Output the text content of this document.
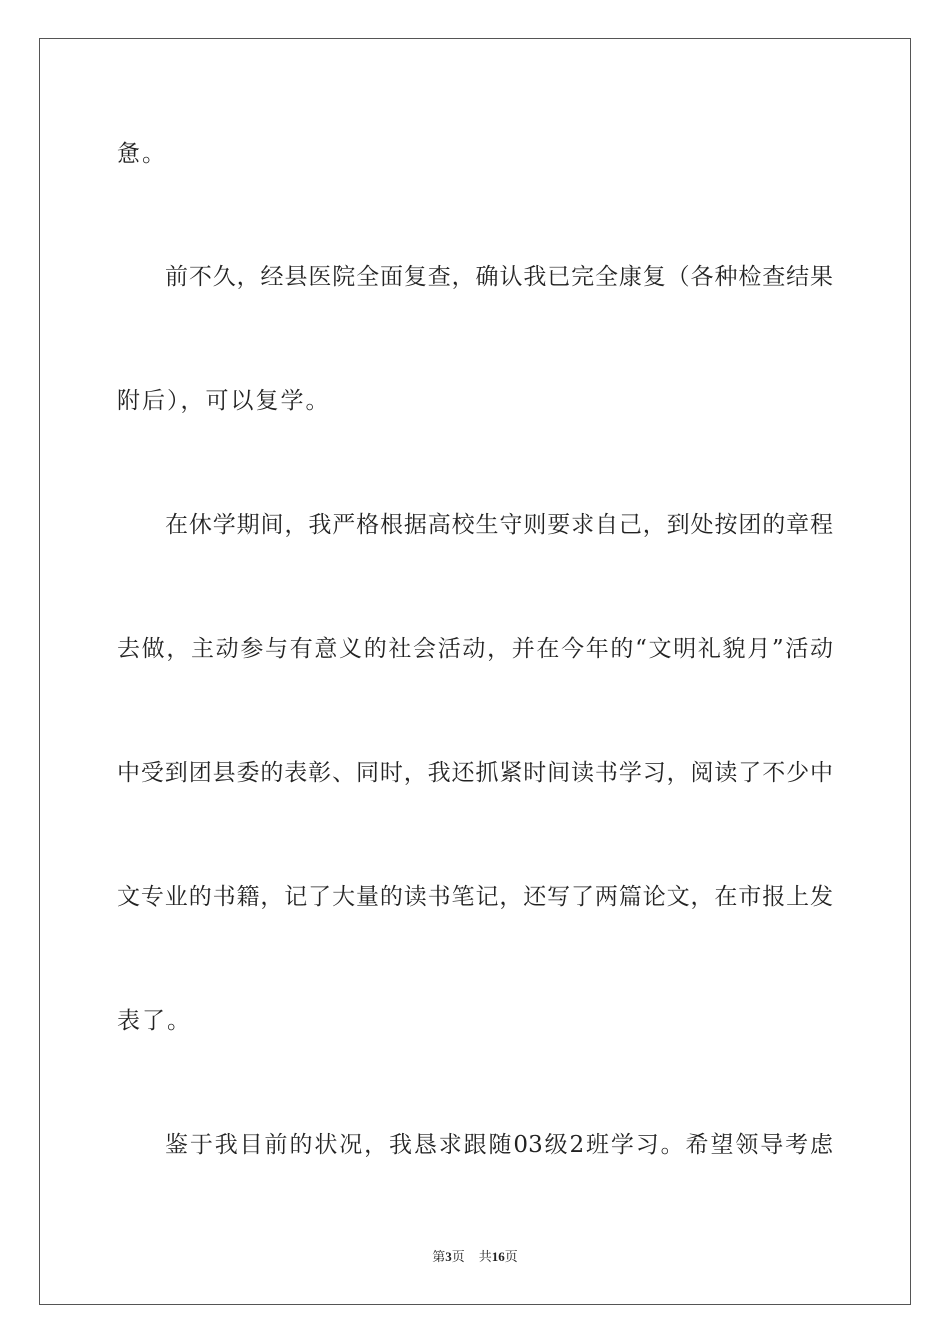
惫。
前不久，经县医院全面复查，确认我已完全康复（各种检查结果
附后），可以复学。
在休学期间，我严格根据高校生守则要求自己，到处按团的章程
去做，主动参与有意义的社会活动，并在今年的“文明礼貌月”活动
中受到团县委的表彰、同时，我还抓紧时间读书学习，阅读了不少中
文专业的书籍，记了大量的读书笔记，还写了两篇论文，在市报上发
表了。
鉴于我目前的状况，我恳求跟随03级2班学习。希望领导考虑
第3页 共16页
